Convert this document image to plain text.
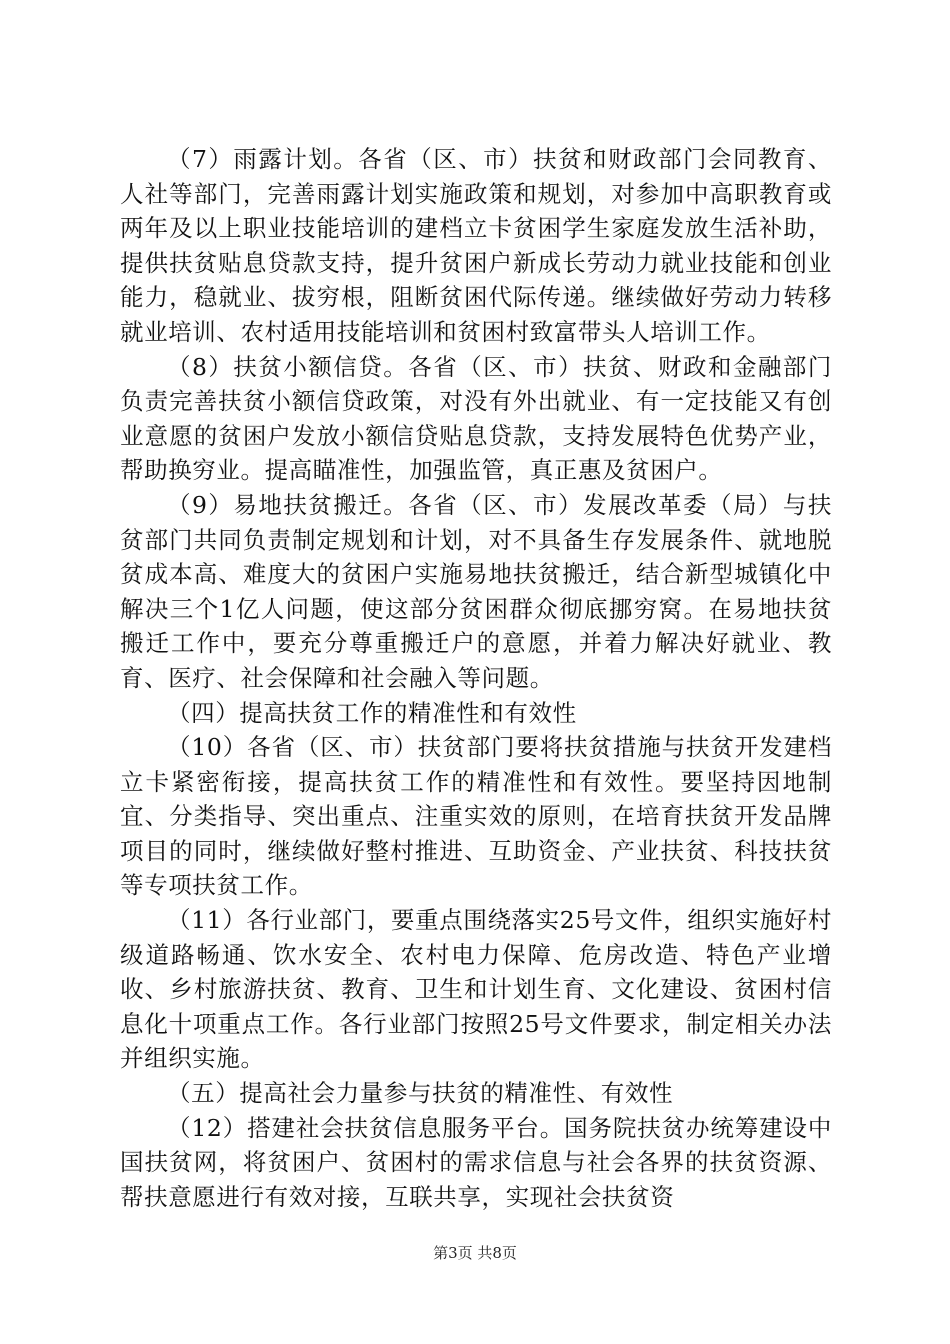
（7）雨露计划。各省（区、市）扶贫和财政部门会同教育、人社等部门，完善雨露计划实施政策和规划，对参加中高职教育或两年及以上职业技能培训的建档立卡贫困学生家庭发放生活补助，提供扶贫贴息贷款支持，提升贫困户新成长劳动力就业技能和创业能力，稳就业、拔穷根，阻断贫困代际传递。继续做好劳动力转移就业培训、农村适用技能培训和贫困村致富带头人培训工作。

（8）扶贫小额信贷。各省（区、市）扶贫、财政和金融部门负责完善扶贫小额信贷政策，对没有外出就业、有一定技能又有创业意愿的贫困户发放小额信贷贴息贷款，支持发展特色优势产业，帮助换穷业。提高瞄准性，加强监管，真正惠及贫困户。

（9）易地扶贫搬迁。各省（区、市）发展改革委（局）与扶贫部门共同负责制定规划和计划，对不具备生存发展条件、就地脱贫成本高、难度大的贫困户实施易地扶贫搬迁，结合新型城镇化中解决三个1亿人问题，使这部分贫困群众彻底挪穷窝。在易地扶贫搬迁工作中，要充分尊重搬迁户的意愿，并着力解决好就业、教育、医疗、社会保障和社会融入等问题。

（四）提高扶贫工作的精准性和有效性

（10）各省（区、市）扶贫部门要将扶贫措施与扶贫开发建档立卡紧密衔接，提高扶贫工作的精准性和有效性。要坚持因地制宜、分类指导、突出重点、注重实效的原则，在培育扶贫开发品牌项目的同时，继续做好整村推进、互助资金、产业扶贫、科技扶贫等专项扶贫工作。

（11）各行业部门，要重点围绕落实25号文件，组织实施好村级道路畅通、饮水安全、农村电力保障、危房改造、特色产业增收、乡村旅游扶贫、教育、卫生和计划生育、文化建设、贫困村信息化十项重点工作。各行业部门按照25号文件要求，制定相关办法并组织实施。

（五）提高社会力量参与扶贫的精准性、有效性

（12）搭建社会扶贫信息服务平台。国务院扶贫办统筹建设中国扶贫网，将贫困户、贫困村的需求信息与社会各界的扶贫资源、帮扶意愿进行有效对接，互联共享，实现社会扶贫资

第3页 共8页
